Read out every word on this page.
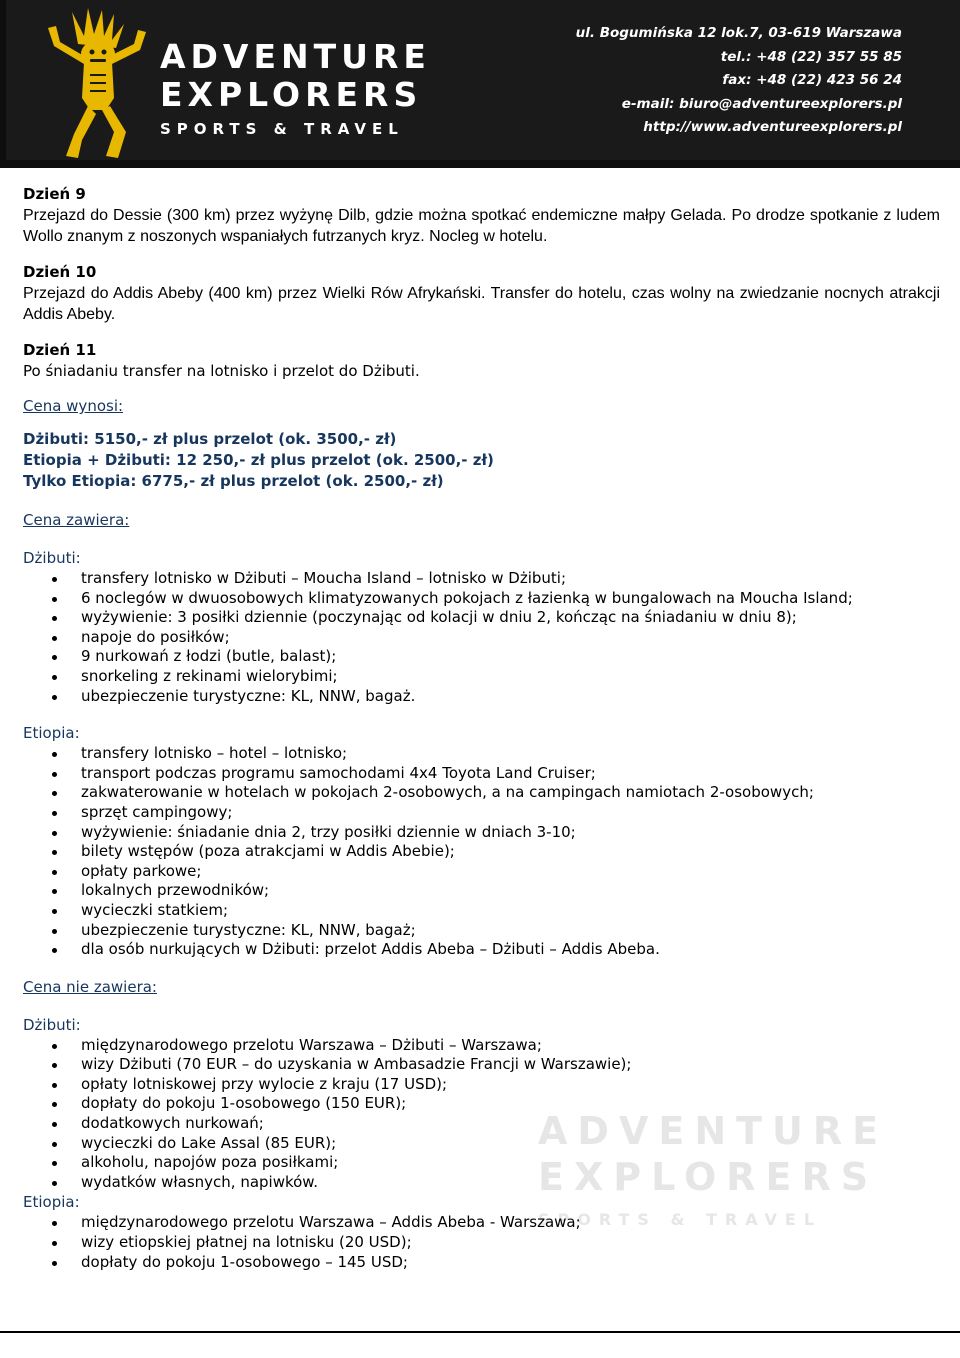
ADVENTURE
EXPLORERS
SPORTS & TRAVEL
ul. Bogumińska 12 lok.7, 03-619 Warszawa
tel.: +48 (22) 357 55 85
fax: +48 (22) 423 56 24
e-mail: biuro@adventureexplorers.pl
http://www.adventureexplorers.pl
ADVENTURE
EXPLORERS
SPORTS & TRAVEL

Dzień 9

Przejazd do Dessie (300 km) przez wyżynę Dilb, gdzie można spotkać endemiczne małpy Gelada. Po drodze spotkanie z ludem Wollo znanym z noszonych wspaniałych futrzanych kryz. Nocleg w hotelu.

Dzień 10

Przejazd do Addis Abeby (400 km) przez Wielki Rów Afrykański. Transfer do hotelu, czas wolny na zwiedzanie nocnych atrakcji Addis Abeby.

Dzień 11

Po śniadaniu transfer na lotnisko i przelot do Dżibuti.

Cena wynosi:

Dżibuti: 5150,- zł plus przelot (ok. 3500,- zł)

Etiopia + Dżibuti: 12 250,- zł plus przelot (ok. 2500,- zł)

Tylko Etiopia: 6775,- zł plus przelot (ok. 2500,- zł)

Cena zawiera:

Dżibuti:

transfery lotnisko w Dżibuti – Moucha Island – lotnisko w Dżibuti;
6 noclegów w dwuosobowych klimatyzowanych pokojach z łazienką w bungalowach na Moucha Island;
wyżywienie: 3 posiłki dziennie (poczynając od kolacji w dniu 2, kończąc na śniadaniu w dniu 8);
napoje do posiłków;
9 nurkowań z łodzi (butle, balast);
snorkeling z rekinami wielorybimi;
ubezpieczenie turystyczne: KL, NNW, bagaż.

Etiopia:

transfery lotnisko – hotel – lotnisko;
transport podczas programu samochodami 4x4 Toyota Land Cruiser;
zakwaterowanie w hotelach w pokojach 2-osobowych, a na campingach namiotach 2-osobowych;
sprzęt campingowy;
wyżywienie: śniadanie dnia 2, trzy posiłki dziennie w dniach 3-10;
bilety wstępów (poza atrakcjami w Addis Abebie);
opłaty parkowe;
lokalnych przewodników;
wycieczki statkiem;
ubezpieczenie turystyczne: KL, NNW, bagaż;
dla osób nurkujących w Dżibuti: przelot Addis Abeba – Dżibuti – Addis Abeba.

Cena nie zawiera:

Dżibuti:

międzynarodowego przelotu Warszawa – Dżibuti – Warszawa;
wizy Dżibuti (70 EUR – do uzyskania w Ambasadzie Francji w Warszawie);
opłaty lotniskowej przy wylocie z kraju (17 USD);
dopłaty do pokoju 1-osobowego (150 EUR);
dodatkowych nurkowań;
wycieczki do Lake Assal (85 EUR);
alkoholu, napojów poza posiłkami;
wydatków własnych, napiwków.

Etiopia:

międzynarodowego przelotu Warszawa – Addis Abeba - Warszawa;
wizy etiopskiej płatnej na lotnisku (20 USD);
dopłaty do pokoju 1-osobowego – 145 USD;
